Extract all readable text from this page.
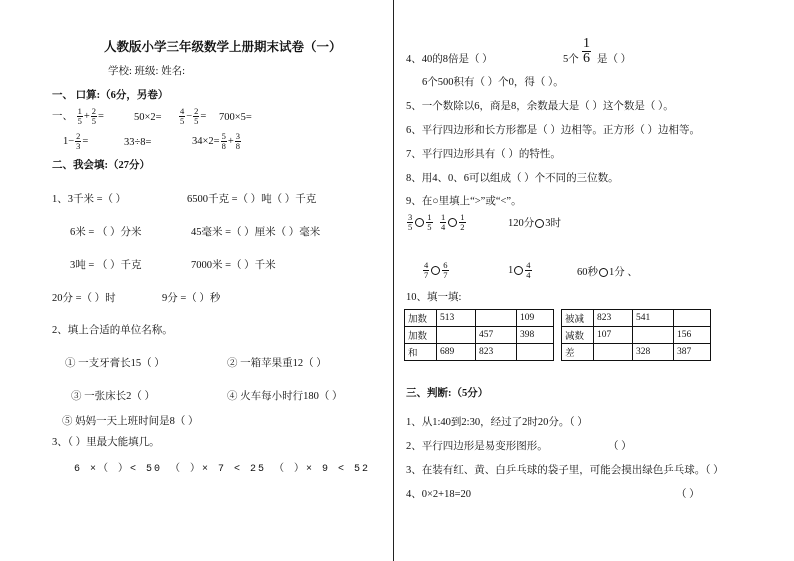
人教版小学三年级数学上册期末试卷（一）
学校: 班级: 姓名:
一、 口算:（6分，另卷）
一、 $\frac{1}{5} + \frac{2}{5}$ =	$50\times 2= \frac{4}{5} - \frac{2}{5} = 700\times 5=$
$1- \frac{2}{3}$ =	33÷8=	$34\times 2= \frac{5}{8} + \frac{3}{8}$
二、我会填:（27分）
1、3千米 =（ ）	6500千克 =（ ）吨（ ）千克
6米 = （ ）分米	45毫米 =（ ）厘米（ ）毫米
3吨 = （ ）千克	7000米 =（ ）千米
20分 =（ ）时	9分 =（ ）秒
2、填上合适的单位名称。
① 一支牙膏长15（ ）	② 一箱苹果重12（ ）
③ 一张床长2（ ）	④ 火车每小时行180（ ）
⑤ 妈妈一天上班时间是8（ ）
3、（ ）里最大能填几。
6 ×（ ）< 50 （ ）× 7 < 25 （ ）× 9 < 52
4、40的8倍是（ ）	5个
1
6 是（ ）
6个500积有（ ）个0，得（ ）。
5、一个数除以6，商是8，余数最大是（ ）这个数是（ ）。
6、平行四边形和长方形都是（ ）边相等。正方形（ ）边相等。
7、平行四边形具有（ ）的特性。
8、用4、0、6可以组成（ ）个不同的三位数。
9、在○里填上“>”或“<”。
$\frac{3}{5} \frac{1}{5} \frac{1}{4} \frac{1}{2}$	120分 3时
$\frac{4}{7} \frac{6}{7}$	$1 \frac{4}{4}$	60秒 1分 、
10、填一填:
加数	513		109
加数		457	398
和	689	823	
被减	823	541	
减数	107		156
差		328	387
三、判断:（5分）
1、从1:40到2:30，经过了2时20分。（ ）
2、平行四边形是易变形图形。	（ ）
3、在装有红、黄、白乒乓球的袋子里，可能会摸出绿色乒乓球。（ ）
4、0×2+18=20	（ ）
